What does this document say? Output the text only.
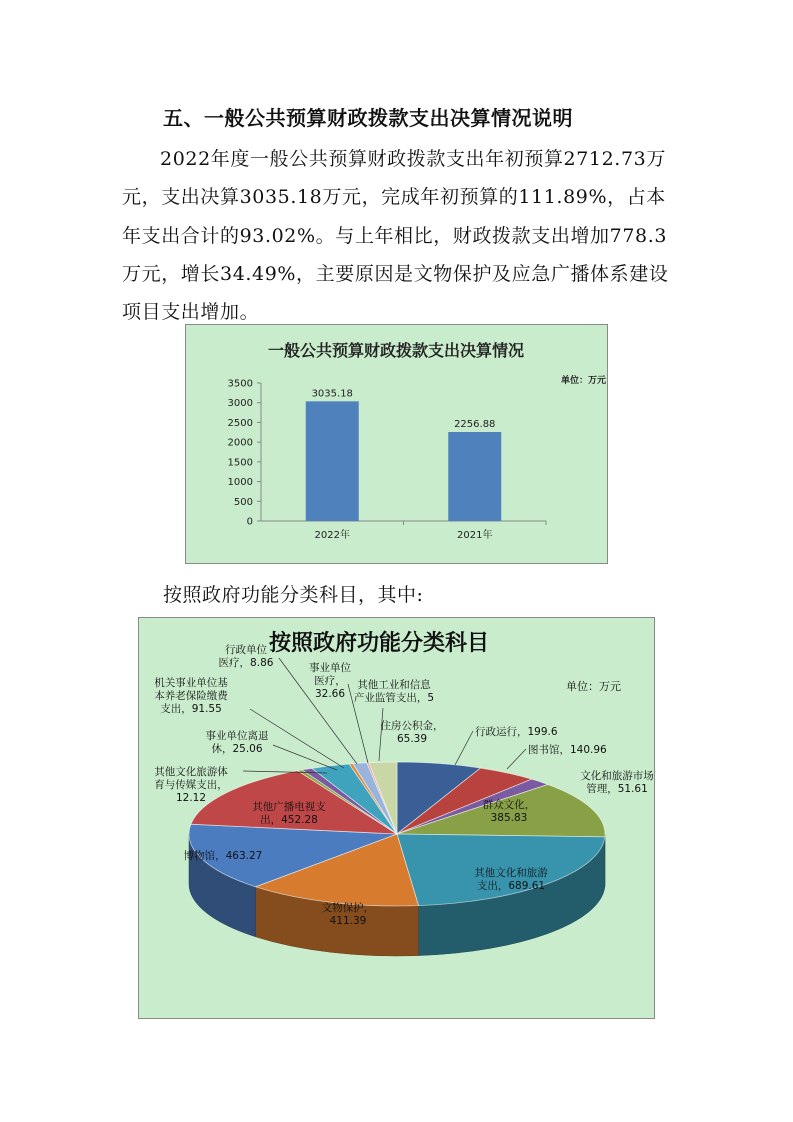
五、一般公共预算财政拨款支出决算情况说明

2022年度一般公共预算财政拨款支出年初预算2712.73万元，支出决算3035.18万元，完成年初预算的111.89%，占本年支出合计的93.02%。与上年相比，财政拨款支出增加778.3万元，增长34.49%，主要原因是文物保护及应急广播体系建设项目支出增加。

一般公共预算财政拨款支出决算情况
单位：万元
0
500
1000
1500
2000
2500
3000
3500
3035.18
2022年
2256.88
2021年
按照政府功能分类科目，其中:
按照政府功能分类科目
单位：万元
行政运行，199.6
图书馆，140.96
文化和旅游市场管理，51.61
群众文化， 385.83
其他文化和旅游支出，689.61
文物保护， 411.39
博物馆，463.27
其他广播电视支出，452.28
其他文化旅游体育与传媒支出， 12.12
事业单位离退休，25.06
机关事业单位基本养老保险缴费支出，91.55
行政单位医疗，8.86	事业单位医疗， 32.66
其他工业和信息产业监管支出，5
住房公积金， 65.39
